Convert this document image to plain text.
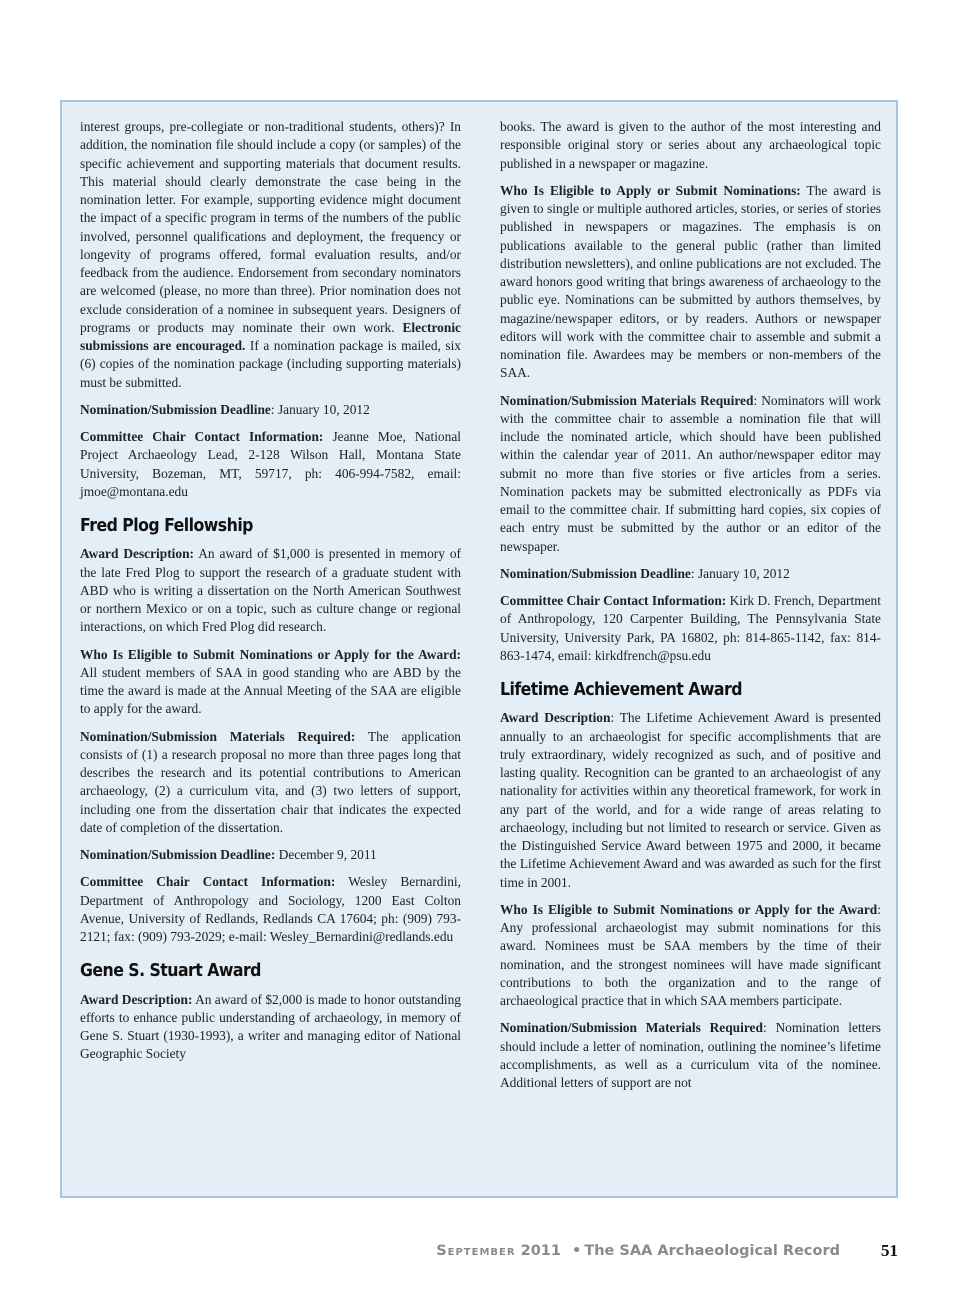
interest groups, pre-collegiate or non-traditional students, others)? In addition, the nomination file should include a copy (or samples) of the specific achievement and supporting materials that document results. This material should clearly demonstrate the case being in the nomination letter. For example, supporting evidence might document the impact of a specific program in terms of the numbers of the public involved, personnel qualifications and deployment, the frequency or longevity of programs offered, formal evaluation results, and/or feedback from the audience. Endorsement from secondary nominators are welcomed (please, no more than three). Prior nomination does not exclude consideration of a nominee in subsequent years. Designers of programs or products may nominate their own work. Electronic submissions are encouraged. If a nomination package is mailed, six (6) copies of the nomination package (including supporting materials) must be submitted.

Nomination/Submission Deadline: January 10, 2012

Committee Chair Contact Information: Jeanne Moe, National Project Archaeology Lead, 2-128 Wilson Hall, Montana State University, Bozeman, MT, 59717, ph: 406-994-7582, email: jmoe@montana.edu

Fred Plog Fellowship

Award Description: An award of $1,000 is presented in memory of the late Fred Plog to support the research of a graduate student with ABD who is writing a dissertation on the North American Southwest or northern Mexico or on a topic, such as culture change or regional interactions, on which Fred Plog did research.

Who Is Eligible to Submit Nominations or Apply for the Award: All student members of SAA in good standing who are ABD by the time the award is made at the Annual Meeting of the SAA are eligible to apply for the award.

Nomination/Submission Materials Required: The application consists of (1) a research proposal no more than three pages long that describes the research and its potential contributions to American archaeology, (2) a curriculum vita, and (3) two letters of support, including one from the dissertation chair that indicates the expected date of completion of the dissertation.

Nomination/Submission Deadline: December 9, 2011

Committee Chair Contact Information: Wesley Bernardini, Department of Anthropology and Sociology, 1200 East Colton Avenue, University of Redlands, Redlands CA 17604; ph: (909) 793-2121; fax: (909) 793-2029; e-mail: Wesley_Bernardini@redlands.edu

Gene S. Stuart Award

Award Description: An award of $2,000 is made to honor outstanding efforts to enhance public understanding of archaeology, in memory of Gene S. Stuart (1930-1993), a writer and managing editor of National Geographic Society

books. The award is given to the author of the most interesting and responsible original story or series about any archaeological topic published in a newspaper or magazine.

Who Is Eligible to Apply or Submit Nominations: The award is given to single or multiple authored articles, stories, or series of stories published in newspapers or magazines. The emphasis is on publications available to the general public (rather than limited distribution newsletters), and online publications are not excluded. The award honors good writing that brings awareness of archaeology to the public eye. Nominations can be submitted by authors themselves, by magazine/newspaper editors, or by readers. Authors or newspaper editors will work with the committee chair to assemble and submit a nomination file. Awardees may be members or non-members of the SAA.

Nomination/Submission Materials Required: Nominators will work with the committee chair to assemble a nomination file that will include the nominated article, which should have been published within the calendar year of 2011. An author/newspaper editor may submit no more than five stories or five articles from a series. Nomination packets may be submitted electronically as PDFs via email to the committee chair. If submitting hard copies, six copies of each entry must be submitted by the author or an editor of the newspaper.

Nomination/Submission Deadline: January 10, 2012

Committee Chair Contact Information: Kirk D. French, Department of Anthropology, 120 Carpenter Building, The Pennsylvania State University, University Park, PA 16802, ph: 814-865-1142, fax: 814-863-1474, email: kirkdfrench@psu.edu

Lifetime Achievement Award

Award Description: The Lifetime Achievement Award is presented annually to an archaeologist for specific accomplishments that are truly extraordinary, widely recognized as such, and of positive and lasting quality. Recognition can be granted to an archaeologist of any nationality for activities within any theoretical framework, for work in any part of the world, and for a wide range of areas relating to archaeology, including but not limited to research or service. Given as the Distinguished Service Award between 1975 and 2000, it became the Lifetime Achievement Award and was awarded as such for the first time in 2001.

Who Is Eligible to Submit Nominations or Apply for the Award: Any professional archaeologist may submit nominations for this award. Nominees must be SAA members by the time of their nomination, and the strongest nominees will have made significant contributions to both the organization and to the range of archaeological practice that in which SAA members participate.

Nomination/Submission Materials Required: Nomination letters should include a letter of nomination, outlining the nominee’s lifetime accomplishments, as well as a curriculum vita of the nominee. Additional letters of support are not

September 2011 • The SAA Archaeological Record 51
